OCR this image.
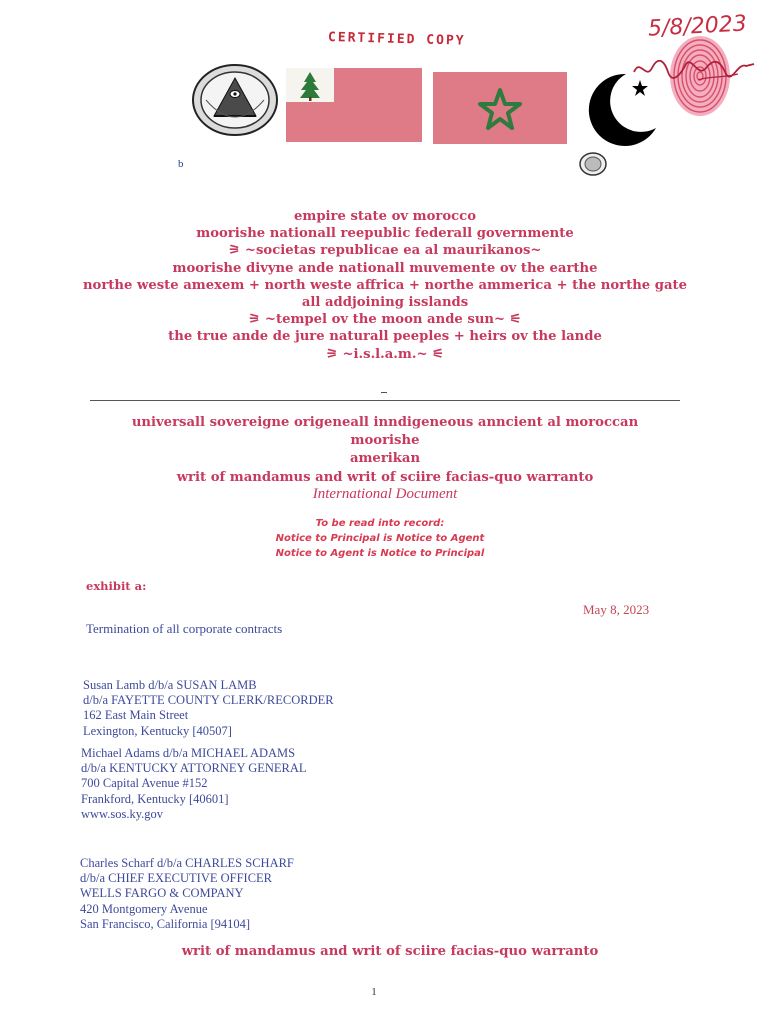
CERTIFIED COPY	5/8/2023
b
empire state ov morocco
moorishe nationall reepublic federall governmente
⚞ ~societas republicae ea al maurikanos~
moorishe divyne ande nationall muvemente ov the earthe
northe weste amexem + north weste affrica + northe ammerica + the northe gate
all addjoining isslands
⚞ ~tempel ov the moon ande sun~ ⚟
the true ande de jure naturall peeples + heirs ov the lande
⚞ ~i.s.l.a.m.~ ⚟
universall sovereigne origeneall inndigeneous anncient al moroccan moorishe
amerikan
writ of mandamus and writ of sciire facias-quo warranto
International Document
To be read into record:
Notice to Principal is Notice to Agent
Notice to Agent is Notice to Principal
exhibit a:
May 8, 2023
Termination of all corporate contracts
Susan Lamb d/b/a SUSAN LAMB
d/b/a FAYETTE COUNTY CLERK/RECORDER
162 East Main Street
Lexington, Kentucky [40507]
Michael Adams d/b/a MICHAEL ADAMS
d/b/a KENTUCKY ATTORNEY GENERAL
700 Capital Avenue #152
Frankford, Kentucky [40601]
www.sos.ky.gov
Charles Scharf d/b/a CHARLES SCHARF
d/b/a CHIEF EXECUTIVE OFFICER
WELLS FARGO & COMPANY
420 Montgomery Avenue
San Francisco, California [94104]
writ of mandamus and writ of sciire facias-quo warranto
1
